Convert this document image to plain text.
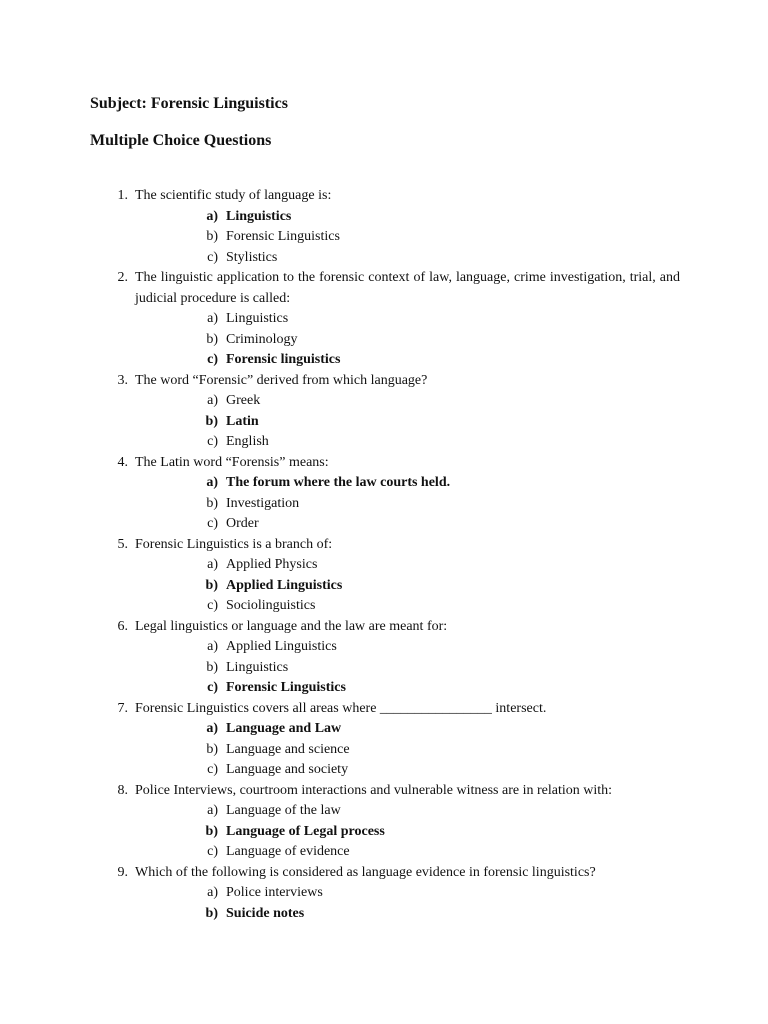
Subject: Forensic Linguistics

Multiple Choice Questions

1. The scientific study of language is:
a) Linguistics
b) Forensic Linguistics
c) Stylistics
2. The linguistic application to the forensic context of law, language, crime investigation, trial, and judicial procedure is called:
a) Linguistics
b) Criminology
c) Forensic linguistics
3. The word “Forensic” derived from which language?
a) Greek
b) Latin
c) English
4. The Latin word “Forensis” means:
a) The forum where the law courts held.
b) Investigation
c) Order
5. Forensic Linguistics is a branch of:
a) Applied Physics
b) Applied Linguistics
c) Sociolinguistics
6. Legal linguistics or language and the law are meant for:
a) Applied Linguistics
b) Linguistics
c) Forensic Linguistics
7. Forensic Linguistics covers all areas where ________________ intersect.
a) Language and Law
b) Language and science
c) Language and society
8. Police Interviews, courtroom interactions and vulnerable witness are in relation with:
a) Language of the law
b) Language of Legal process
c) Language of evidence
9. Which of the following is considered as language evidence in forensic linguistics?
a) Police interviews
b) Suicide notes
